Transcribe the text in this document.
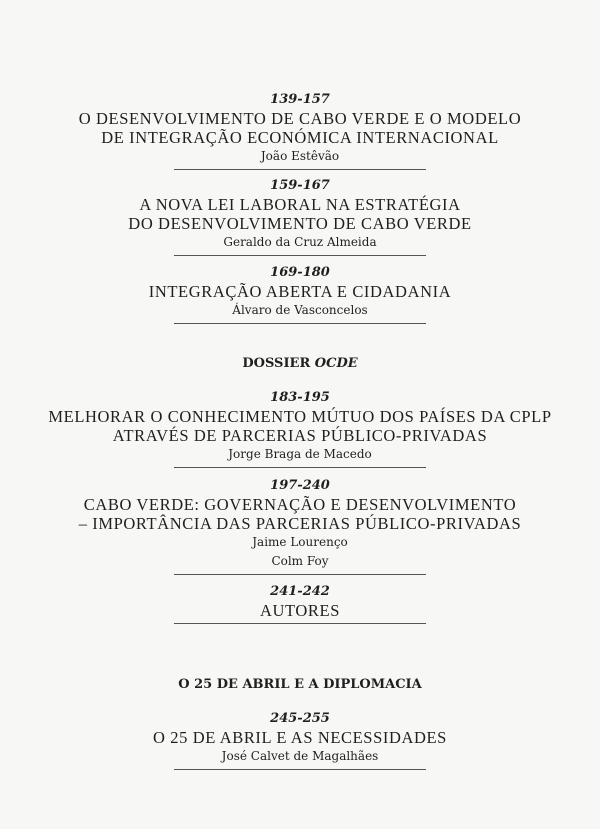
139-157
O DESENVOLVIMENTO DE CABO VERDE E O MODELO
DE INTEGRAÇÃO ECONÓMICA INTERNACIONAL
João Estêvão
159-167
A NOVA LEI LABORAL NA ESTRATÉGIA
DO DESENVOLVIMENTO DE CABO VERDE
Geraldo da Cruz Almeida
169-180
INTEGRAÇÃO ABERTA E CIDADANIA
Álvaro de Vasconcelos
DOSSIER OCDE
183-195
MELHORAR O CONHECIMENTO MÚTUO DOS PAÍSES DA CPLP
ATRAVÉS DE PARCERIAS PÚBLICO-PRIVADAS
Jorge Braga de Macedo
197-240
CABO VERDE: GOVERNAÇÃO E DESENVOLVIMENTO
– IMPORTÂNCIA DAS PARCERIAS PÚBLICO-PRIVADAS
Jaime Lourenço
Colm Foy
241-242
AUTORES
O 25 DE ABRIL E A DIPLOMACIA
245-255
O 25 DE ABRIL E AS NECESSIDADES
José Calvet de Magalhães
